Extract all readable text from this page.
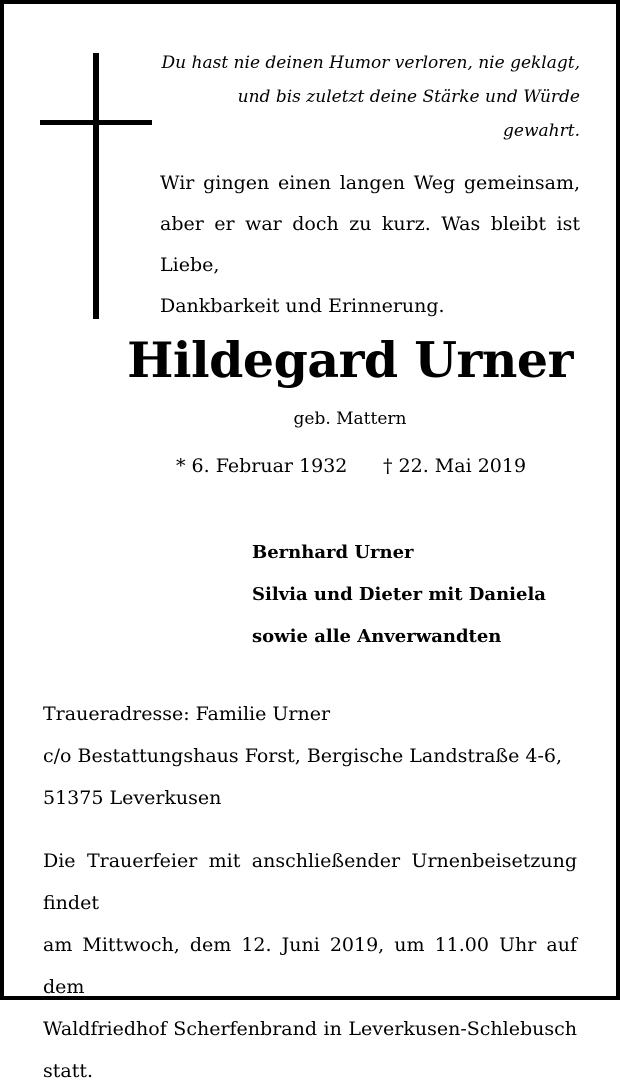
Du hast nie deinen Humor verloren, nie geklagt,
und bis zuletzt deine Stärke und Würde gewahrt.
Wir gingen einen langen Weg gemeinsam,
aber er war doch zu kurz. Was bleibt ist Liebe,
Dankbarkeit und Erinnerung.
Hildegard Urner
geb. Mattern
* 6. Februar 1932 † 22. Mai 2019
Bernhard Urner
Silvia und Dieter mit Daniela
sowie alle Anverwandten
Traueradresse: Familie Urner
c/o Bestattungshaus Forst, Bergische Landstraße 4-6,
51375 Leverkusen
Die Trauerfeier mit anschließender Urnenbeisetzung findet
am Mittwoch, dem 12. Juni 2019, um 11.00 Uhr auf dem
Waldfriedhof Scherfenbrand in Leverkusen-Schlebusch statt.
